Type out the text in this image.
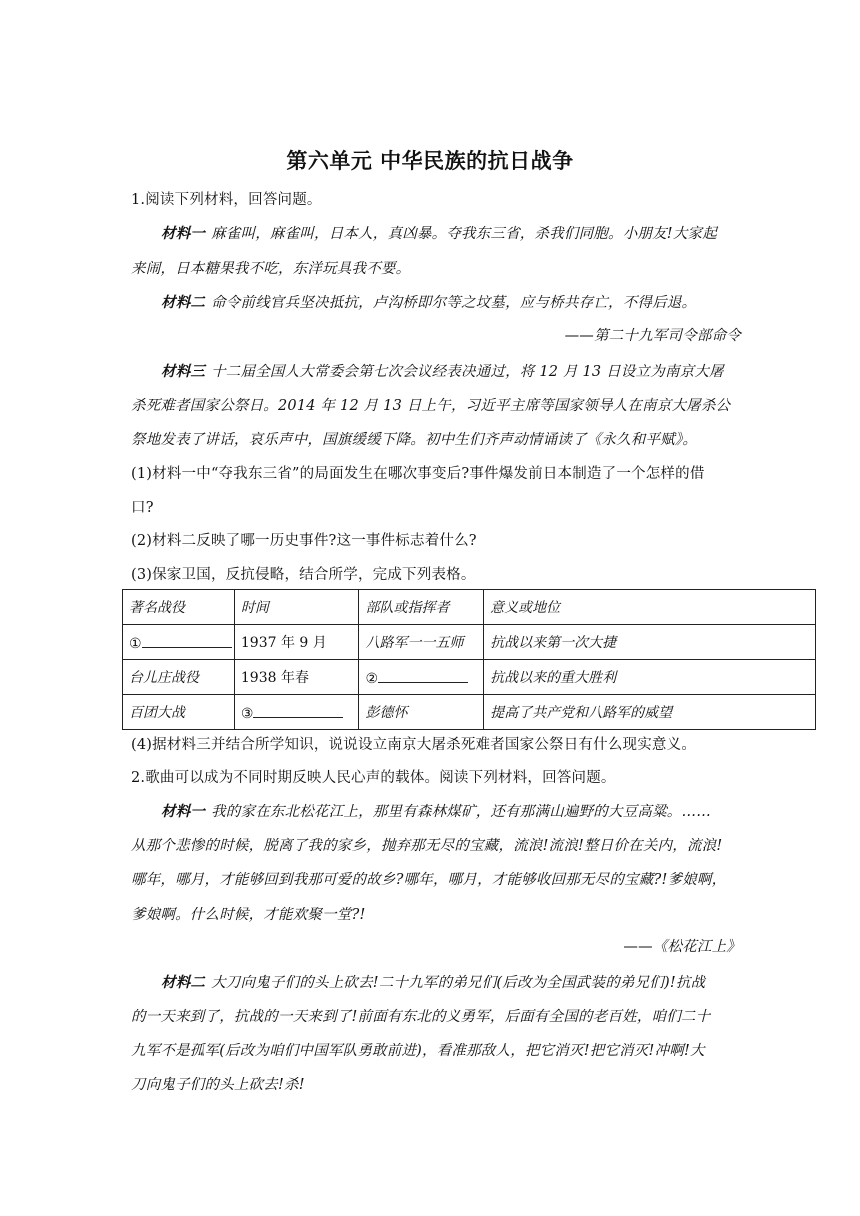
第六单元 中华民族的抗日战争
1.阅读下列材料，回答问题。
材料一 麻雀叫，麻雀叫，日本人，真凶暴。夺我东三省，杀我们同胞。小朋友!大家起
来闹，日本糖果我不吃，东洋玩具我不要。
材料二 命令前线官兵坚决抵抗，卢沟桥即尔等之坟墓，应与桥共存亡，不得后退。
——第二十九军司令部命令
材料三 十二届全国人大常委会第七次会议经表决通过，将 12 月 13 日设立为南京大屠
杀死难者国家公祭日。2014 年 12 月 13 日上午，习近平主席等国家领导人在南京大屠杀公
祭地发表了讲话，哀乐声中，国旗缓缓下降。初中生们齐声动情诵读了《永久和平赋》。
(1)材料一中“夺我东三省”的局面发生在哪次事变后?事件爆发前日本制造了一个怎样的借
口?
(2)材料二反映了哪一历史事件?这一事件标志着什么?
(3)保家卫国，反抗侵略，结合所学，完成下列表格。
著名战役	时间	部队或指挥者	意义或地位
①	1937 年 9 月	八路军一一五师	抗战以来第一次大捷
台儿庄战役	1938 年春	②	抗战以来的重大胜利
百团大战	③	彭德怀	提高了共产党和八路军的威望
(4)据材料三并结合所学知识，说说设立南京大屠杀死难者国家公祭日有什么现实意义。
2.歌曲可以成为不同时期反映人民心声的载体。阅读下列材料，回答问题。
材料一 我的家在东北松花江上，那里有森林煤矿，还有那满山遍野的大豆高粱。……
从那个悲惨的时候，脱离了我的家乡，抛弃那无尽的宝藏，流浪!流浪!整日价在关内，流浪!
哪年，哪月，才能够回到我那可爱的故乡?哪年，哪月，才能够收回那无尽的宝藏?!爹娘啊，
爹娘啊。什么时候，才能欢聚一堂?!
——《松花江上》
材料二 大刀向鬼子们的头上砍去!二十九军的弟兄们(后改为全国武装的弟兄们)!抗战
的一天来到了，抗战的一天来到了!前面有东北的义勇军，后面有全国的老百姓，咱们二十
九军不是孤军(后改为咱们中国军队勇敢前进)，看准那敌人，把它消灭!把它消灭!冲啊!大
刀向鬼子们的头上砍去!杀!
